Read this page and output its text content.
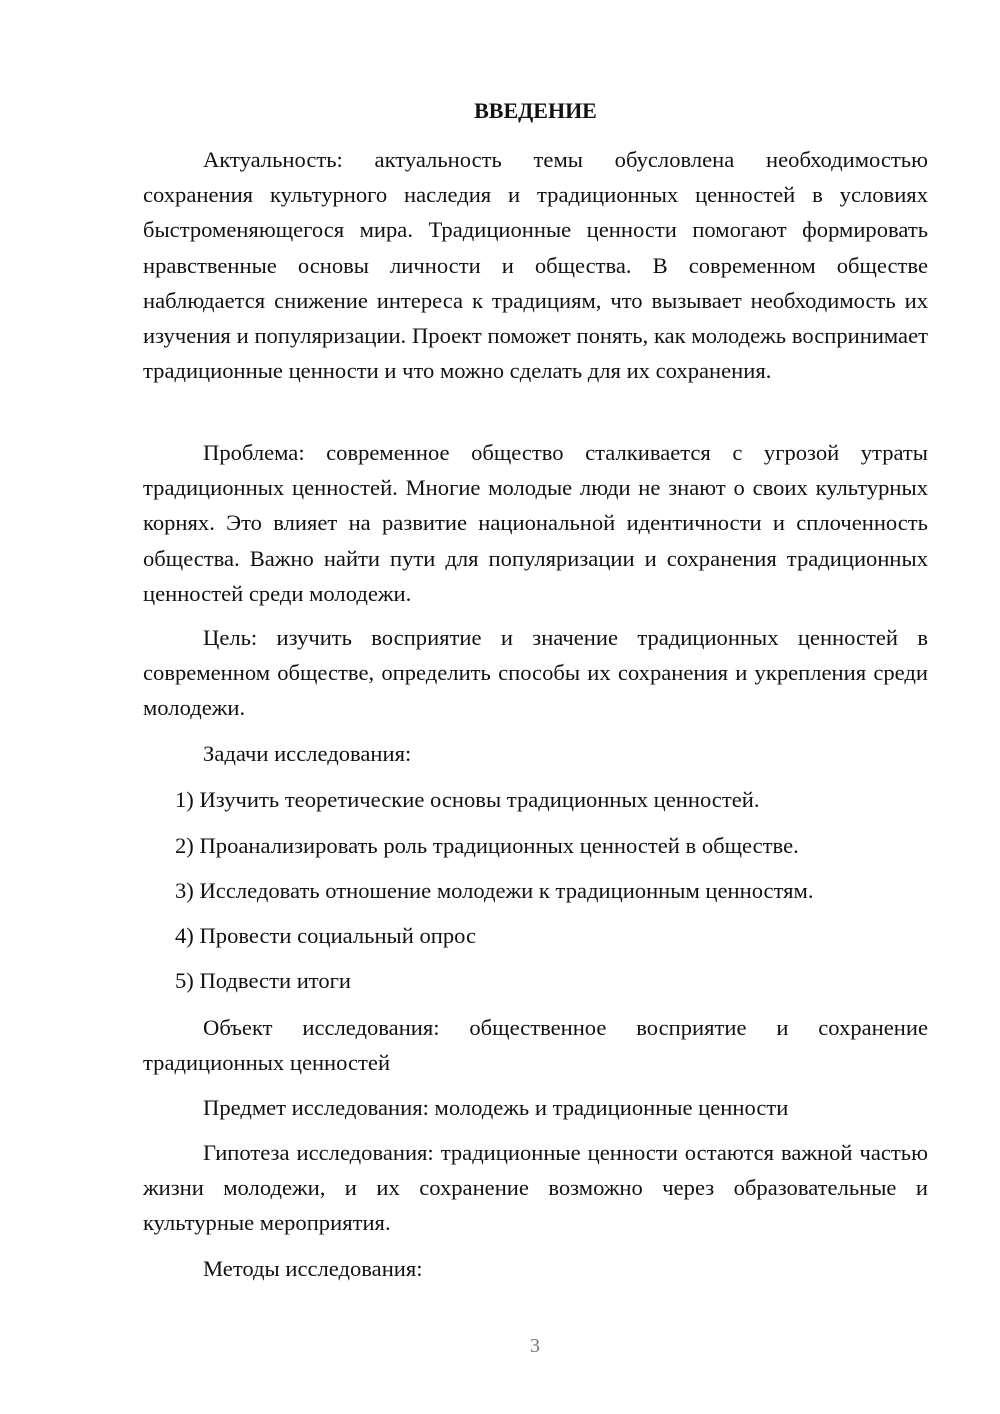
ВВЕДЕНИЕ

Актуальность: актуальность темы обусловлена необходимостью сохранения культурного наследия и традиционных ценностей в условиях быстроменяющегося мира. Традиционные ценности помогают формировать нравственные основы личности и общества. В современном обществе наблюдается снижение интереса к традициям, что вызывает необходимость их изучения и популяризации. Проект поможет понять, как молодежь воспринимает традиционные ценности и что можно сделать для их сохранения.

Проблема: современное общество сталкивается с угрозой утраты традиционных ценностей. Многие молодые люди не знают о своих культурных корнях. Это влияет на развитие национальной идентичности и сплоченность общества. Важно найти пути для популяризации и сохранения традиционных ценностей среди молодежи.

Цель: изучить восприятие и значение традиционных ценностей в современном обществе, определить способы их сохранения и укрепления среди молодежи.

Задачи исследования:

1) Изучить теоретические основы традиционных ценностей.

2) Проанализировать роль традиционных ценностей в обществе.

3) Исследовать отношение молодежи к традиционным ценностям.

4) Провести социальный опрос

5) Подвести итоги

Объект исследования: общественное восприятие и сохранение традиционных ценностей

Предмет исследования: молодежь и традиционные ценности

Гипотеза исследования: традиционные ценности остаются важной частью жизни молодежи, и их сохранение возможно через образовательные и культурные мероприятия.

Методы исследования:

3
